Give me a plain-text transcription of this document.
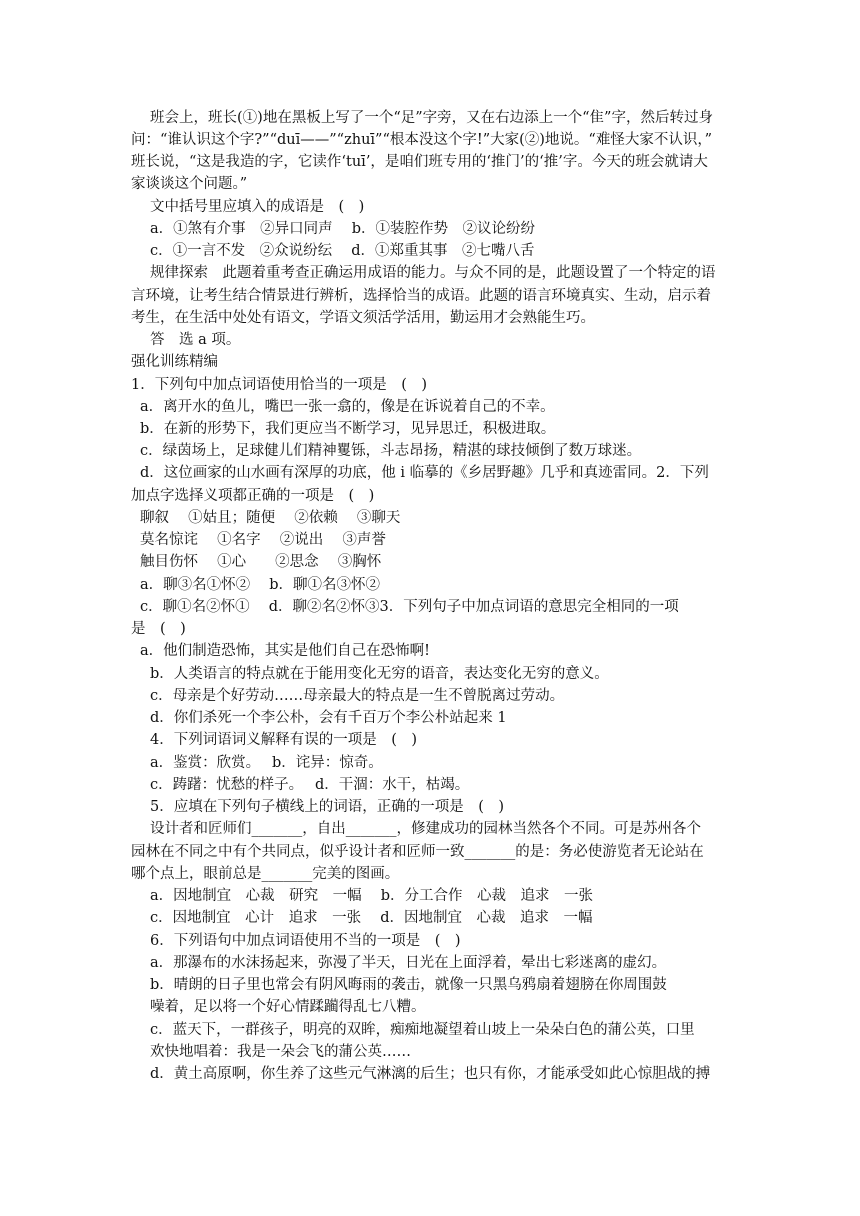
班会上，班长(①)地在黑板上写了一个“足”字旁，又在右边添上一个“隹”字，然后转过身
问：“谁认识这个字?”“duī——”“zhuī”“根本没这个字!”大家(②)地说。“难怪大家不认识，”
班长说，“这是我造的字，它读作‘tuī’，是咱们班专用的‘推门’的‘推’字。今天的班会就请大
家谈谈这个问题。”
文中括号里应填入的成语是　(　)
a．①煞有介事　②异口同声　 b．①装腔作势　②议论纷纷
c．①一言不发　②众说纷纭　 d．①郑重其事　②七嘴八舌
规律探索　此题着重考查正确运用成语的能力。与众不同的是，此题设置了一个特定的语
言环境，让考生结合情景进行辨析，选择恰当的成语。此题的语言环境真实、生动，启示着
考生，在生活中处处有语文，学语文须活学活用，勤运用才会熟能生巧。
答　选 a 项。
强化训练精编
1．下列句中加点词语使用恰当的一项是　(　)
a．离开水的鱼儿，嘴巴一张一翕的，像是在诉说着自己的不幸。
b．在新的形势下，我们更应当不断学习，见异思迁，积极进取。
c．绿茵场上，足球健儿们精神矍铄，斗志昂扬，精湛的球技倾倒了数万球迷。
d．这位画家的山水画有深厚的功底，他 i 临摹的《乡居野趣》几乎和真迹雷同。2．下列
加点字选择义项都正确的一项是　(　)
聊叙　 ①姑且；随便　 ②依赖　 ③聊天
莫名惊诧　 ①名字　 ②说出　 ③声誉
触目伤怀　 ①心　　②思念　 ③胸怀
a．聊③名①怀②　 b．聊①名③怀②
c．聊①名②怀①　 d．聊②名②怀③3．下列句子中加点词语的意思完全相同的一项
是　(　)
a．他们制造恐怖，其实是他们自己在恐怖啊!
b．人类语言的特点就在于能用变化无穷的语音，表达变化无穷的意义。
c．母亲是个好劳动……母亲最大的特点是一生不曾脱离过劳动。
d．你们杀死一个李公朴，会有千百万个李公朴站起来 1
4．下列词语词义解释有误的一项是　(　)
a．鉴赏：欣赏。　 b．诧异：惊奇。
c．踌躇：忧愁的样子。　 d．干涸：水干，枯竭。
5．应填在下列句子横线上的词语，正确的一项是　(　)
设计者和匠师们_______，自出_______，修建成功的园林当然各个不同。可是苏州各个
园林在不同之中有个共同点，似乎设计者和匠师一致_______的是：务必使游览者无论站在
哪个点上，眼前总是_______完美的图画。
a．因地制宜　心裁　研究　一幅　 b．分工合作　心裁　追求　一张
c．因地制宜　心计　追求　一张　 d．因地制宜　心裁　追求　一幅
6．下列语句中加点词语使用不当的一项是　(　)
a．那瀑布的水沫扬起来，弥漫了半天，日光在上面浮着，晕出七彩迷离的虚幻。
b．晴朗的日子里也常会有阴风晦雨的袭击，就像一只黑乌鸦扇着翅膀在你周围鼓
噪着，足以将一个好心情蹂躏得乱七八糟。
c．蓝天下，一群孩子，明亮的双眸，痴痴地凝望着山坡上一朵朵白色的蒲公英，口里
欢快地唱着：我是一朵会飞的蒲公英……
d．黄土高原啊，你生养了这些元气淋漓的后生；也只有你，才能承受如此心惊胆战的搏
